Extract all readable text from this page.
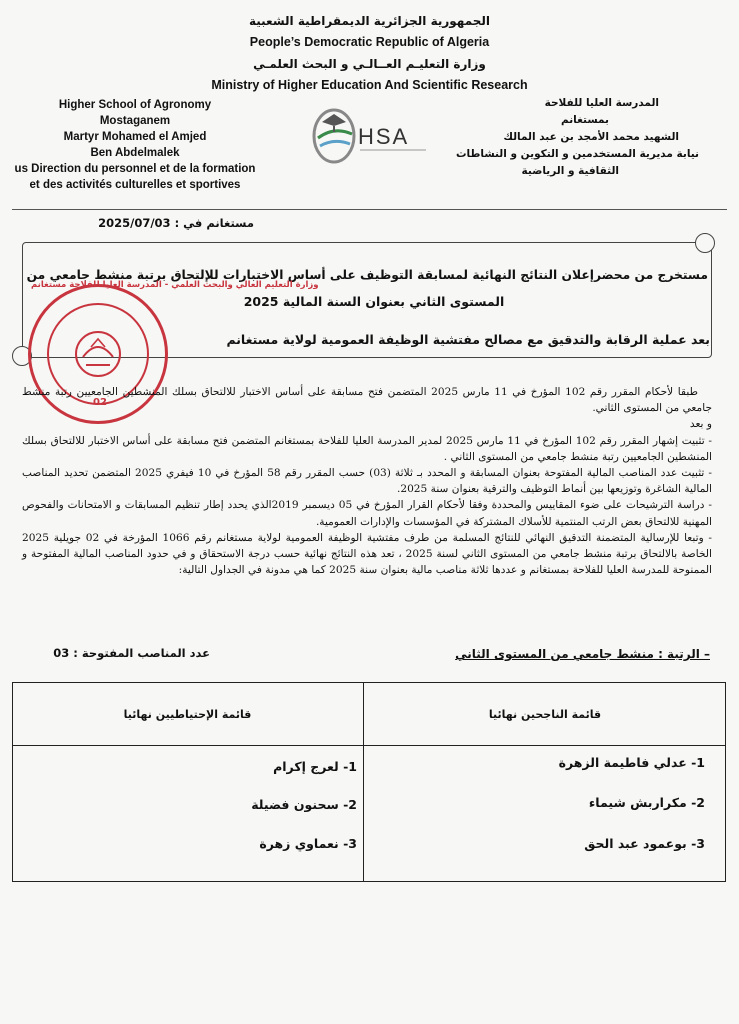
الجمهورية الجزائرية الديمقراطية الشعبية
People’s Democratic Republic of Algeria
وزارة التعليـم العــالـي و البحث العلمـي
Ministry of Higher Education And Scientific Research
Higher School of Agronomy
Mostaganem
Martyr Mohamed el Amjed
Ben Abdelmalek
us Direction du personnel et de la formation
et des activités culturelles et sportives
HSA
المدرسة العليا للفلاحة
بمستغانم
الشهيد محمد الأمجد بن عبد المالك
نيابة مديرية المستخدمين و التكوين و النشاطات
الثقافية و الرياضية
مستغانم في : 2025/07/03
مستخرج من محضرإعلان النتائج النهائية لمسابقة التوظيف على أساس الاختبارات للإلتحاق برتبة منشط جامعي من
المستوى الثاني بعنوان السنة المالية 2025
بعد عملية الرقابة والتدقيق مع مصالح مفتشية الوظيفة العمومية لولاية مستغانم
وزارة التعليم العالي والبحث العلمي - المدرسة العليا للفلاحة مستغانم
02
طبقا لأحكام المقرر رقم 102 المؤرخ في 11 مارس 2025 المتضمن فتح مسابقة على أساس الاختبار للالتحاق بسلك المنشطين الجامعيين رتبة منشط جامعي من المستوى الثاني.
و بعد
- تثبيت إشهار المقرر رقم 102 المؤرخ في 11 مارس 2025 لمدير المدرسة العليا للفلاحة بمستغانم المتضمن فتح مسابقة على أساس الاختبار للالتحاق بسلك المنشطين الجامعيين رتبة منشط جامعي من المستوى الثاني .
- تثبيت عدد المناصب المالية المفتوحة بعنوان المسابقة و المحدد بـ ثلاثة (03) حسب المقرر رقم 58 المؤرخ في 10 فيفري 2025 المتضمن تحديد المناصب المالية الشاغرة وتوزيعها بين أنماط التوظيف والترقية بعنوان سنة 2025.
- دراسة الترشيحات على ضوء المقاييس والمحددة وفقا لأحكام القرار المؤرخ في 05 ديسمبر 2019الذي يحدد إطار تنظيم المسابقات و الامتحانات والفحوص المهنية للالتحاق بعض الرتب المنتمية للأسلاك المشتركة في المؤسسات والإدارات العمومية.
- وتبعا للإرسالية المتضمنة التدقيق النهائي للنتائج المسلمة من طرف مفتشية الوظيفة العمومية لولاية مستغانم رقم 1066 المؤرخة في 02 جويلية 2025 الخاصة بالالتحاق برتبة منشط جامعي من المستوى الثاني لسنة 2025 ، تعد هذه النتائج نهائية حسب درجة الاستحقاق و في حدود المناصب المالية المفتوحة و الممنوحة للمدرسة العليا للفلاحة بمستغانم و عددها ثلاثة مناصب مالية بعنوان سنة 2025 كما هي مدونة في الجداول التالية:
– الرتبة : منشط جامعي من المستوى الثاني
عدد المناصب المفتوحة : 03
قائمة الناجحين نهائيا
قائمة الإحتياطيين نهائيا
1- عدلي فاطيمة الزهرة
2- مكراربش شيماء
3- بوعمود عبد الحق
1- لعرج إكرام
2- سحنون فضيلة
3- نعماوي زهرة
